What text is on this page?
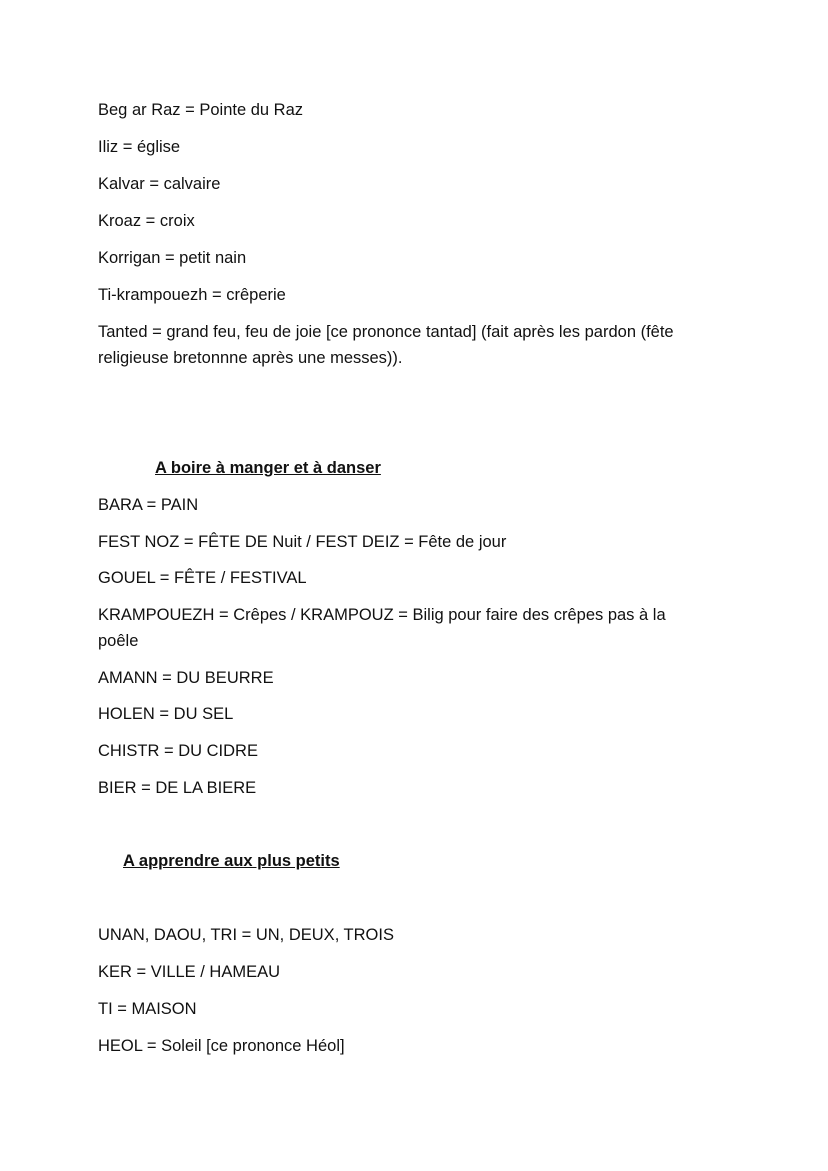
Beg ar Raz = Pointe du Raz
Iliz = église
Kalvar = calvaire
Kroaz = croix
Korrigan = petit nain
Ti-krampouezh = crêperie
Tanted = grand feu, feu de joie [ce prononce tantad] (fait après les pardon (fête religieuse bretonnne après une messes)).
A boire à manger et à danser
BARA = PAIN
FEST NOZ = FÊTE DE Nuit / FEST DEIZ = Fête de jour
GOUEL = FÊTE / FESTIVAL
KRAMPOUEZH = Crêpes / KRAMPOUZ = Bilig pour faire des crêpes pas à la poêle
AMANN = DU BEURRE
HOLEN = DU SEL
CHISTR = DU CIDRE
BIER = DE LA BIERE
A apprendre aux plus petits
UNAN, DAOU, TRI = UN, DEUX, TROIS
KER = VILLE / HAMEAU
TI = MAISON
HEOL = Soleil [ce prononce Héol]
